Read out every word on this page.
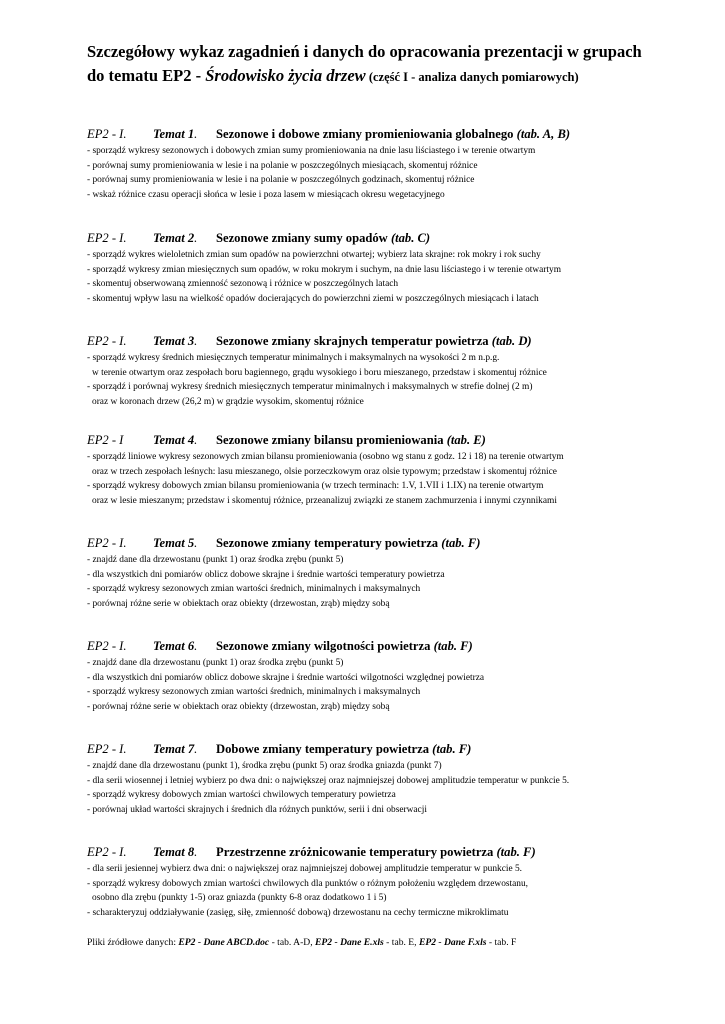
Szczegółowy wykaz zagadnień i danych do opracowania prezentacji w grupach
do tematu EP2 - Środowisko życia drzew (część I - analiza danych pomiarowych)
EP2 - I. Temat 1. Sezonowe i dobowe zmiany promieniowania globalnego (tab. A, B)
- sporządź wykresy sezonowych i dobowych zmian sumy promieniowania na dnie lasu liściastego i w terenie otwartym
- porównaj sumy promieniowania w lesie i na polanie w poszczególnych miesiącach, skomentuj różnice
- porównaj sumy promieniowania w lesie i na polanie w poszczególnych godzinach, skomentuj różnice
- wskaż różnice czasu operacji słońca w lesie i poza lasem w miesiącach okresu wegetacyjnego
EP2 - I. Temat 2. Sezonowe zmiany sumy opadów (tab. C)
- sporządź wykres wieloletnich zmian sum opadów na powierzchni otwartej; wybierz lata skrajne: rok mokry i rok suchy
- sporządź wykresy zmian miesięcznych sum opadów, w roku mokrym i suchym, na dnie lasu liściastego i w terenie otwartym
- skomentuj obserwowaną zmienność sezonową i różnice w poszczególnych latach
- skomentuj wpływ lasu na wielkość opadów docierających do powierzchni ziemi w poszczególnych miesiącach i latach
EP2 - I. Temat 3. Sezonowe zmiany skrajnych temperatur powietrza (tab. D)
- sporządź wykresy średnich miesięcznych temperatur minimalnych i maksymalnych na wysokości 2 m n.p.g.
w terenie otwartym oraz zespołach boru bagiennego, grądu wysokiego i boru mieszanego, przedstaw i skomentuj różnice
- sporządź i porównaj wykresy średnich miesięcznych temperatur minimalnych i maksymalnych w strefie dolnej (2 m)
oraz w koronach drzew (26,2 m) w grądzie wysokim, skomentuj różnice
EP2 - I Temat 4. Sezonowe zmiany bilansu promieniowania (tab. E)
- sporządź liniowe wykresy sezonowych zmian bilansu promieniowania (osobno wg stanu z godz. 12 i 18) na terenie otwartym
oraz w trzech zespołach leśnych: lasu mieszanego, olsie porzeczkowym oraz olsie typowym; przedstaw i skomentuj różnice
- sporządź wykresy dobowych zmian bilansu promieniowania (w trzech terminach: 1.V, 1.VII i 1.IX) na terenie otwartym
oraz w lesie mieszanym; przedstaw i skomentuj różnice, przeanalizuj związki ze stanem zachmurzenia i innymi czynnikami
EP2 - I. Temat 5. Sezonowe zmiany temperatury powietrza (tab. F)
- znajdź dane dla drzewostanu (punkt 1) oraz środka zrębu (punkt 5)
- dla wszystkich dni pomiarów oblicz dobowe skrajne i średnie wartości temperatury powietrza
- sporządź wykresy sezonowych zmian wartości średnich, minimalnych i maksymalnych
- porównaj różne serie w obiektach oraz obiekty (drzewostan, zrąb) między sobą
EP2 - I. Temat 6. Sezonowe zmiany wilgotności powietrza (tab. F)
- znajdź dane dla drzewostanu (punkt 1) oraz środka zrębu (punkt 5)
- dla wszystkich dni pomiarów oblicz dobowe skrajne i średnie wartości wilgotności względnej powietrza
- sporządź wykresy sezonowych zmian wartości średnich, minimalnych i maksymalnych
- porównaj różne serie w obiektach oraz obiekty (drzewostan, zrąb) między sobą
EP2 - I. Temat 7. Dobowe zmiany temperatury powietrza (tab. F)
- znajdź dane dla drzewostanu (punkt 1), środka zrębu (punkt 5) oraz środka gniazda (punkt 7)
- dla serii wiosennej i letniej wybierz po dwa dni: o największej oraz najmniejszej dobowej amplitudzie temperatur w punkcie 5.
- sporządź wykresy dobowych zmian wartości chwilowych temperatury powietrza
- porównaj układ wartości skrajnych i średnich dla różnych punktów, serii i dni obserwacji
EP2 - I. Temat 8. Przestrzenne zróżnicowanie temperatury powietrza (tab. F)
- dla serii jesiennej wybierz dwa dni: o największej oraz najmniejszej dobowej amplitudzie temperatur w punkcie 5.
- sporządź wykresy dobowych zmian wartości chwilowych dla punktów o różnym położeniu względem drzewostanu,
osobno dla zrębu (punkty 1-5) oraz gniazda (punkty 6-8 oraz dodatkowo 1 i 5)
- scharakteryzuj oddziaływanie (zasięg, siłę, zmienność dobową) drzewostanu na cechy termiczne mikroklimatu
Pliki źródłowe danych: EP2 - Dane ABCD.doc - tab. A-D, EP2 - Dane E.xls - tab. E, EP2 - Dane F.xls - tab. F
